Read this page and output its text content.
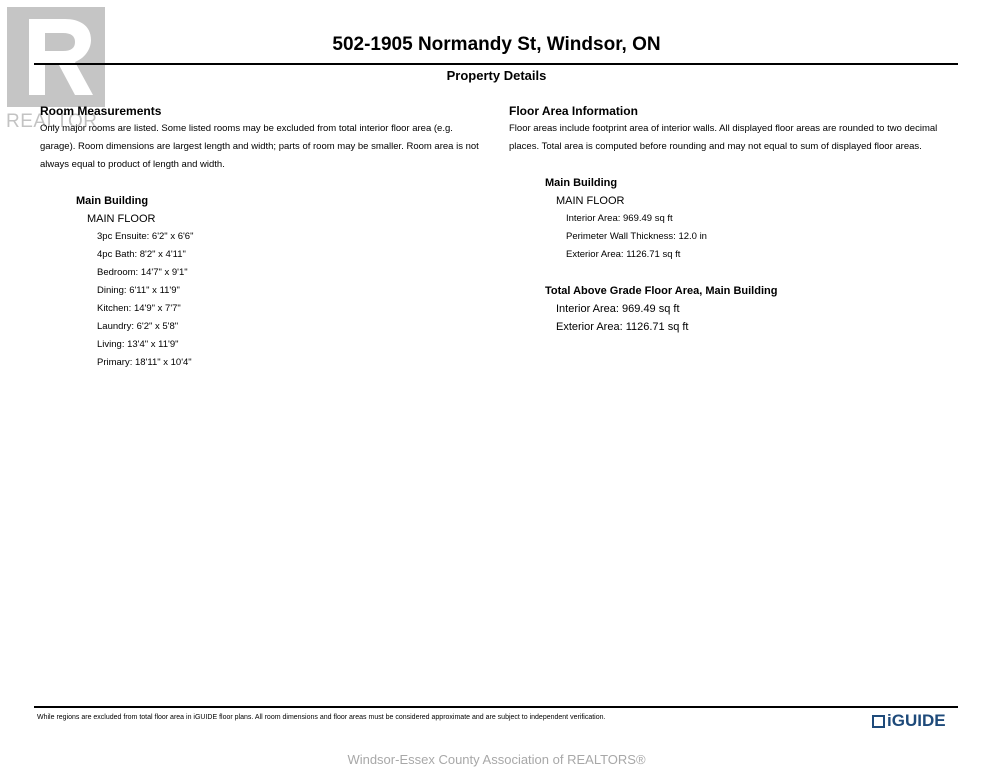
REALTOR
502-1905 Normandy St, Windsor, ON
Property Details
Room Measurements

Only major rooms are listed. Some listed rooms may be excluded from total interior floor area (e.g. garage). Room dimensions are largest length and width; parts of room may be smaller. Room area is not always equal to product of length and width.

Main Building
MAIN FLOOR
3pc Ensuite: 6'2" x 6'6"
4pc Bath: 8'2" x 4'11"
Bedroom: 14'7" x 9'1"
Dining: 6'11" x 11'9"
Kitchen: 14'9" x 7'7"
Laundry: 6'2" x 5'8"
Living: 13'4" x 11'9"
Primary: 18'11" x 10'4"
Floor Area Information

Floor areas include footprint area of interior walls. All displayed floor areas are rounded to two decimal places. Total area is computed before rounding and may not equal to sum of displayed floor areas.

Main Building
MAIN FLOOR
Interior Area: 969.49 sq ft
Perimeter Wall Thickness: 12.0 in
Exterior Area: 1126.71 sq ft
Total Above Grade Floor Area, Main Building
Interior Area: 969.49 sq ft
Exterior Area: 1126.71 sq ft
While regions are excluded from total floor area in iGUIDE floor plans. All room dimensions and floor areas must be considered approximate and are subject to independent verification.	iGUIDE
Windsor-Essex County Association of REALTORS®
